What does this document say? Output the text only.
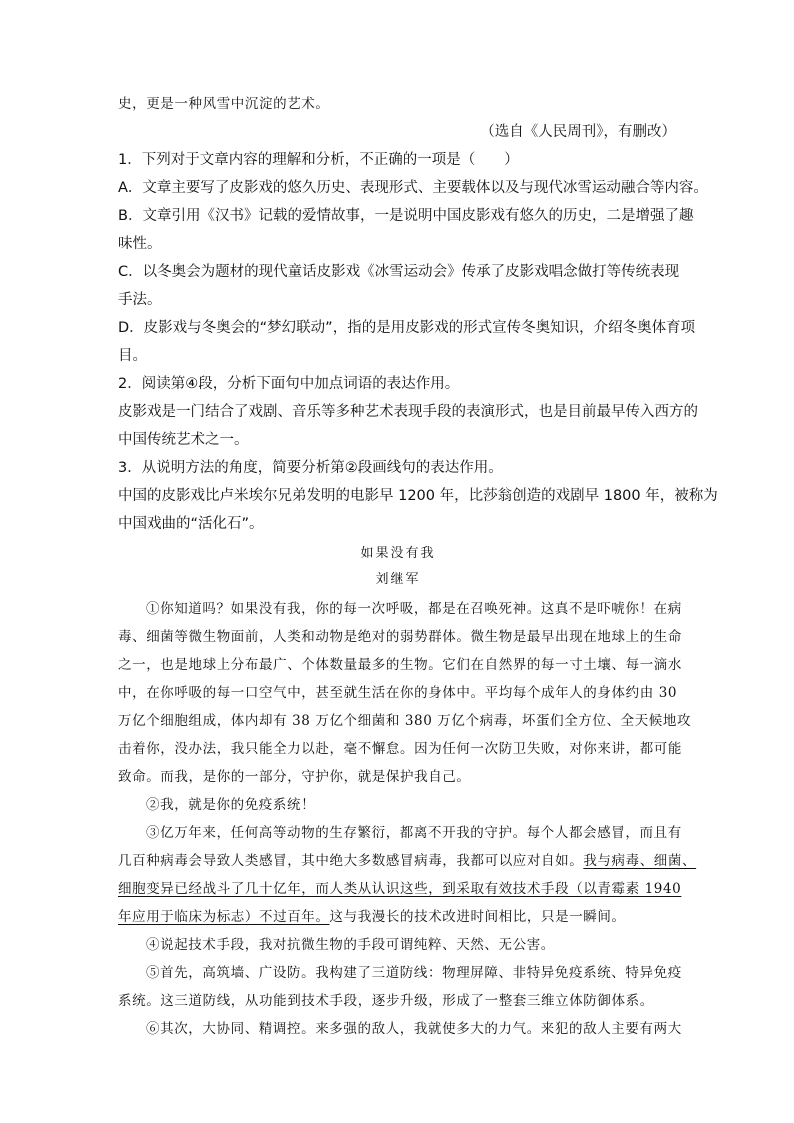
史，更是一种风雪中沉淀的艺术。
（选自《人民周刊》，有删改）
1．下列对于文章内容的理解和分析，不正确的一项是（　　）
A．文章主要写了皮影戏的悠久历史、表现形式、主要载体以及与现代冰雪运动融合等内容。
B．文章引用《汉书》记载的爱情故事，一是说明中国皮影戏有悠久的历史，二是增强了趣
味性。
C．以冬奥会为题材的现代童话皮影戏《冰雪运动会》传承了皮影戏唱念做打等传统表现
手法。
D．皮影戏与冬奥会的“梦幻联动”，指的是用皮影戏的形式宣传冬奥知识，介绍冬奥体育项
目。
2．阅读第④段，分析下面句中加点词语的表达作用。
皮影戏是一门结合了戏剧、音乐等多种艺术表现手段的表演形式，也是目前最早传入西方的
中国传统艺术之一。
3．从说明方法的角度，简要分析第②段画线句的表达作用。
中国的皮影戏比卢米埃尔兄弟发明的电影早 1200 年，比莎翁创造的戏剧早 1800 年，被称为
中国戏曲的“活化石”。
如果没有我
刘继军
①你知道吗？如果没有我，你的每一次呼吸，都是在召唤死神。这真不是吓唬你！在病
毒、细菌等微生物面前，人类和动物是绝对的弱势群体。微生物是最早出现在地球上的生命
之一，也是地球上分布最广、个体数量最多的生物。它们在自然界的每一寸土壤、每一滴水
中，在你呼吸的每一口空气中，甚至就生活在你的身体中。平均每个成年人的身体约由 30
万亿个细胞组成，体内却有 38 万亿个细菌和 380 万亿个病毒，坏蛋们全方位、全天候地攻
击着你，没办法，我只能全力以赴，毫不懈怠。因为任何一次防卫失败，对你来讲，都可能
致命。而我，是你的一部分，守护你，就是保护我自己。
②我，就是你的免疫系统！
③亿万年来，任何高等动物的生存繁衍，都离不开我的守护。每个人都会感冒，而且有
几百种病毒会导致人类感冒，其中绝大多数感冒病毒，我都可以应对自如。我与病毒、细菌、
细胞变异已经战斗了几十亿年，而人类从认识这些，到采取有效技术手段（以青霉素 1940
年应用于临床为标志）不过百年。这与我漫长的技术改进时间相比，只是一瞬间。
④说起技术手段，我对抗微生物的手段可谓纯粹、天然、无公害。
⑤首先，高筑墙、广设防。我构建了三道防线：物理屏障、非特异免疫系统、特异免疫
系统。这三道防线，从功能到技术手段，逐步升级，形成了一整套三维立体防御体系。
⑥其次，大协同、精调控。来多强的敌人，我就使多大的力气。来犯的敌人主要有两大
